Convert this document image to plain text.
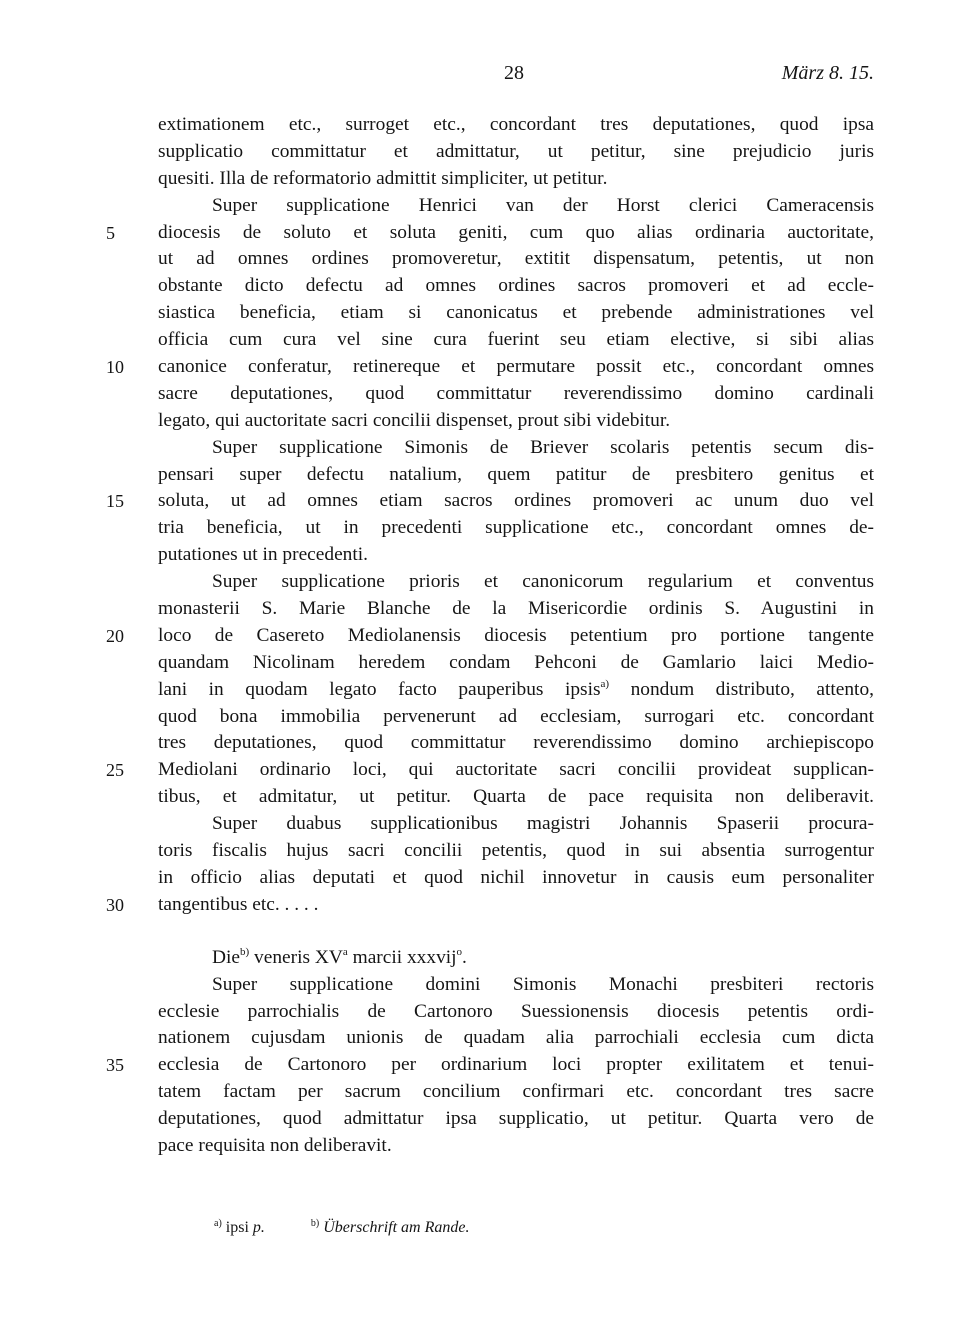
28	März 8. 15.
extimationem etc., surroget etc., concordant tres deputationes, quod ipsa
supplicatio committatur et admittatur, ut petitur, sine prejudicio juris
quesiti. Illa de reformatorio admittit simpliciter, ut petitur.
Super supplicatione Henrici van der Horst clerici Cameracensis
5	diocesis de soluto et soluta geniti, cum quo alias ordinaria auctoritate,
ut ad omnes ordines promoveretur, extitit dispensatum, petentis, ut non
obstante dicto defectu ad omnes ordines sacros promoveri et ad eccle-
siastica beneficia, etiam si canonicatus et prebende administrationes vel
officia cum cura vel sine cura fuerint seu etiam elective, si sibi alias
10 canonice conferatur, retinereque et permutare possit etc., concordant omnes
sacre deputationes, quod committatur reverendissimo domino cardinali
legato, qui auctoritate sacri concilii dispenset, prout sibi videbitur.
Super supplicatione Simonis de Briever scolaris petentis secum dis-
pensari super defectu natalium, quem patitur de presbitero genitus et
15 soluta, ut ad omnes etiam sacros ordines promoveri ac unum duo vel
tria beneficia, ut in precedenti supplicatione etc., concordant omnes de-
putationes ut in precedenti.
Super supplicatione prioris et canonicorum regularium et conventus
monasterii S. Marie Blanche de la Misericordie ordinis S. Augustini in
20 loco de Casereto Mediolanensis diocesis petentium pro portione tangente
quandam Nicolinam heredem condam Pehconi de Gamlario laici Medio-
lani in quodam legato facto pauperibus ipsis$^{a)}$ nondum distributo, attento,
quod bona immobilia pervenerunt ad ecclesiam, surrogari etc. concordant
tres deputationes, quod committatur reverendissimo domino archiepiscopo
25 Mediolani ordinario loci, qui auctoritate sacri concilii provideat supplican-
tibus, et admitatur, ut petitur. Quarta de pace requisita non deliberavit.
Super duabus supplicationibus magistri Johannis Spaserii procura-
toris fiscalis hujus sacri concilii petentis, quod in sui absentia surrogentur
in officio alias deputati et quod nichil innovetur in causis eum personaliter
30 tangentibus etc. . . . .
Die$^{b)}$ veneris $XV^a$ marcii xxxvij$^o$.
Super supplicatione domini Simonis Monachi presbiteri rectoris
ecclesie parrochialis de Cartonoro Suessionensis diocesis petentis ordi-
nationem cujusdam unionis de quadam alia parrochiali ecclesia cum dicta
35 ecclesia de Cartonoro per ordinarium loci propter exilitatem et tenui-
tatem factam per sacrum concilium confirmari etc. concordant tres sacre
deputationes, quod admittatur ipsa supplicatio, ut petitur. Quarta vero de
pace requisita non deliberavit.
$^{a)}$ ipsi p.	$^{b)}$ Überschrift am Rande.
